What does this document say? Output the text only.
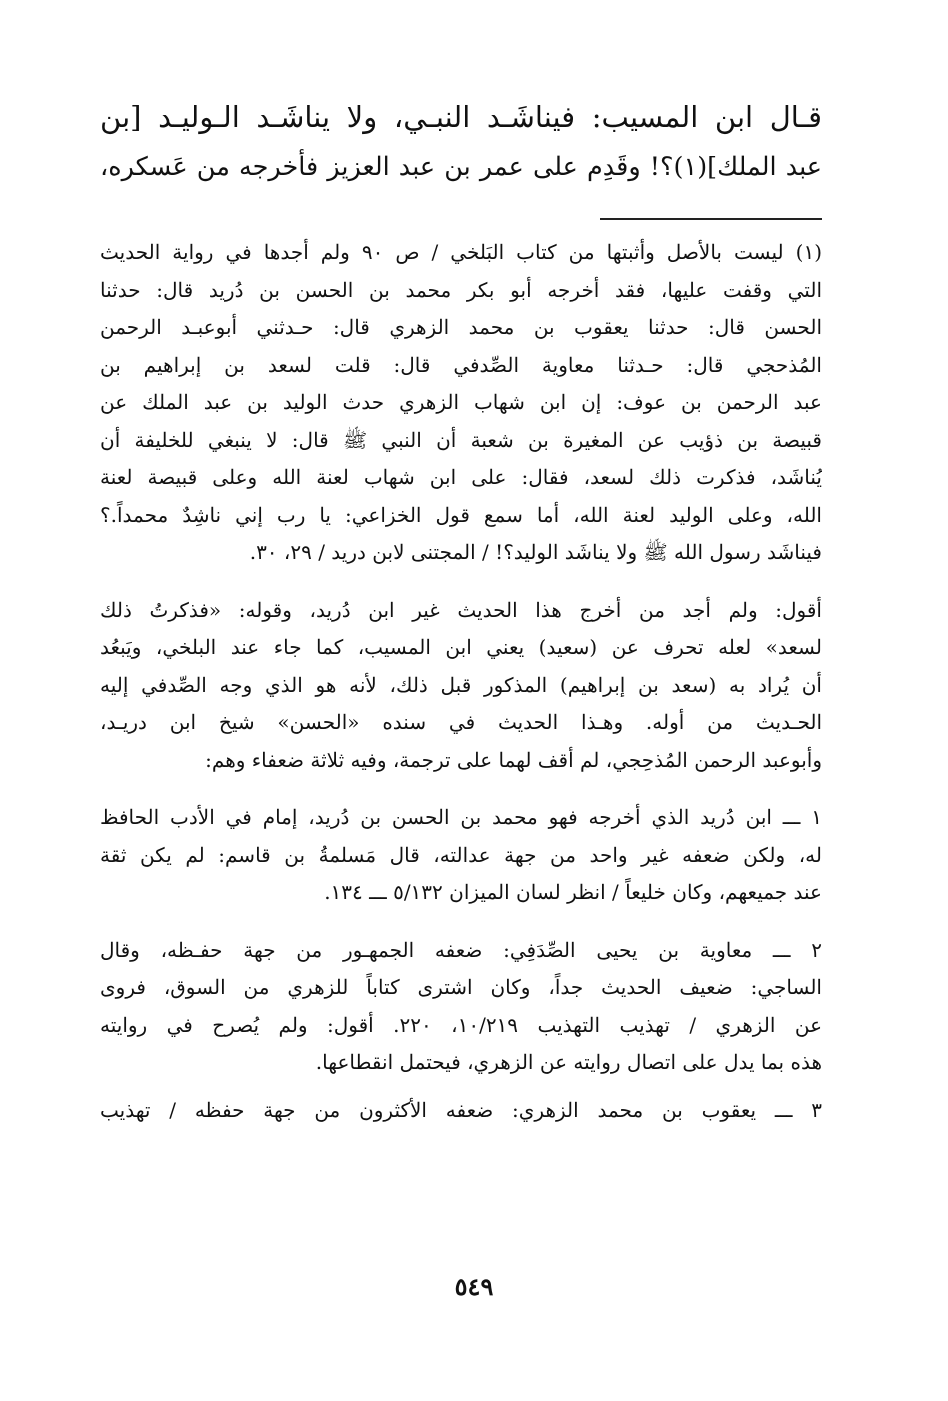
قـال ابن المسيب: فيناشَـد النبـي، ولا يناشَـد الـوليـد [بن
عبد الملك](١)؟! وقَدِم على عمر بن عبد العزيز فأخرجه من عَسكره،
(١) ليست بالأصل وأثبتها من كتاب البَلخي / ص ٩٠ ولم أجدها في رواية الحديث
التي وقفت عليها، فقد أخرجه أبو بكر محمد بن الحسن بن دُريد قال: حدثنا
الحسن قال: حدثنا يعقوب بن محمد الزهري قال: حـدثني أبوعبـد الرحمن
المُذحجي قال: حـدثنا معاوية الصِّدفي قال: قلت لسعد بن إبراهيم بن
عبد الرحمن بن عوف: إن ابن شهاب الزهري حدث الوليد بن عبد الملك عن
قبيصة بن ذؤيب عن المغيرة بن شعبة أن النبي ﷺ قال: لا ينبغي للخليفة أن
يُناشَد، فذكرت ذلك لسعد، فقال: على ابن شهاب لعنة الله وعلى قبيصة لعنة
الله، وعلى الوليد لعنة الله، أما سمع قول الخزاعي: يا رب إني ناشِدٌ محمداً.؟
فيناشَد رسول الله ﷺ ولا يناشَد الوليد؟! / المجتنى لابن دريد / ٢٩، ٣٠.
أقول: ولم أجد من أخرج هذا الحديث غير ابن دُريد، وقوله: «فذكرتُ ذلك
لسعد» لعله تحرف عن (سعيد) يعني ابن المسيب، كما جاء عند البلخي، ويَبعُد
أن يُراد به (سعد بن إبراهيم) المذكور قبل ذلك، لأنه هو الذي وجه الصِّدفي إليه
الحـديث من أوله. وهـذا الحديث في سنده «الحسن» شيخ ابن دريـد،
وأبوعبد الرحمن المُذحِجي، لم أقف لهما على ترجمة، وفيه ثلاثة ضعفاء وهم:
١ ـــ ابن دُريد الذي أخرجه فهو محمد بن الحسن بن دُريد، إمام في الأدب الحافظ
له، ولكن ضعفه غير واحد من جهة عدالته، قال مَسلمةُ بن قاسم: لم يكن ثقة
عند جميعهم، وكان خليعاً / انظر لسان الميزان ٥/١٣٢ ـــ ١٣٤.
٢ ـــ معاوية بن يحيى الصِّدَفِي: ضعفه الجمهـور من جهة حفـظه، وقال
الساجي: ضعيف الحديث جداً، وكان اشترى كتاباً للزهري من السوق، فروى
عن الزهري / تهذيب التهذيب ١٠/٢١٩، ٢٢٠. أقول: ولم يُصرح في روايته
هذه بما يدل على اتصال روايته عن الزهري، فيحتمل انقطاعها.
٣ ـــ يعقوب بن محمد الزهري: ضعفه الأكثرون من جهة حفظه / تهذيب
٥٤٩
